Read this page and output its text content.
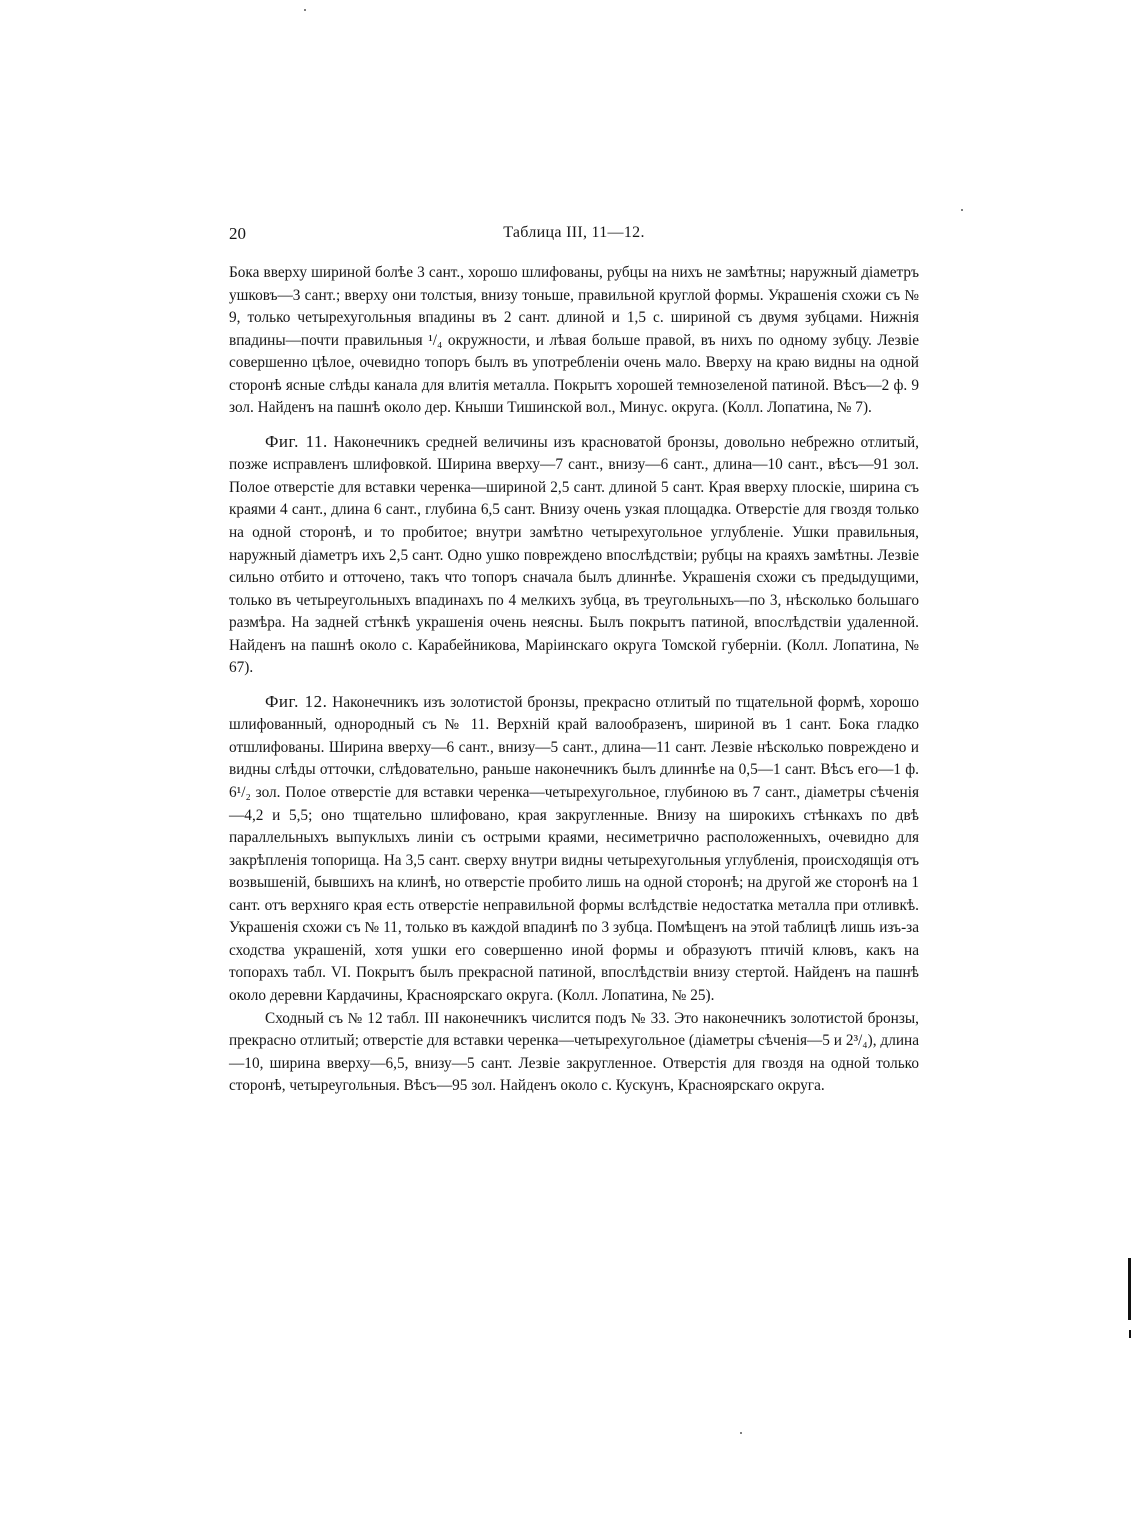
20	Таблица III, 11—12.

Бока вверху шириной болѣе 3 сант., хорошо шлифованы, рубцы на нихъ не замѣтны; наружный діаметръ ушковъ—3 сант.; вверху они толстыя, внизу тоньше, правильной круглой формы. Украшенія схожи съ № 9, только четырехугольныя впадины въ 2 сант. длиной и 1,5 с. шириной съ двумя зубцами. Нижнія впадины—почти правильныя ¹/₄ окружности, и лѣвая больше правой, въ нихъ по одному зубцу. Лезвіе совершенно цѣлое, очевидно топоръ былъ въ употребленіи очень мало. Вверху на краю видны на одной сторонѣ ясные слѣды канала для влитія металла. Покрытъ хорошей темнозеленой патиной. Вѣсъ—2 ф. 9 зол. Найденъ на пашнѣ около дер. Кныши Тишинской вол., Минус. округа. (Колл. Лопатина, № 7).

Фиг. 11. Наконечникъ средней величины изъ красноватой бронзы, довольно небрежно отлитый, позже исправленъ шлифовкой. Ширина вверху—7 сант., внизу—6 сант., длина—10 сант., вѣсъ—91 зол. Полое отверстіе для вставки черенка—шириной 2,5 сант. длиной 5 сант. Края вверху плоскіе, ширина съ краями 4 сант., длина 6 сант., глубина 6,5 сант. Внизу очень узкая площадка. Отверстіе для гвоздя только на одной сторонѣ, и то пробитое; внутри замѣтно четырехугольное углубленіе. Ушки правильныя, наружный діаметръ ихъ 2,5 сант. Одно ушко повреждено впослѣдствіи; рубцы на краяхъ замѣтны. Лезвіе сильно отбито и отточено, такъ что топоръ сначала былъ длиннѣе. Украшенія схожи съ предыдущими, только въ четыреугольныхъ впадинахъ по 4 мелкихъ зубца, въ треугольныхъ—по 3, нѣсколько большаго размѣра. На задней стѣнкѣ украшенія очень неясны. Былъ покрытъ патиной, впослѣдствіи удаленной. Найденъ на пашнѣ около с. Карабейникова, Маріинскаго округа Томской губерніи. (Колл. Лопатина, № 67).

Фиг. 12. Наконечникъ изъ золотистой бронзы, прекрасно отлитый по тщательной формѣ, хорошо шлифованный, однородный съ № 11. Верхній край валообразенъ, шириной въ 1 сант. Бока гладко отшлифованы. Ширина вверху—6 сант., внизу—5 сант., длина—11 сант. Лезвіе нѣсколько повреждено и видны слѣды отточки, слѣдовательно, раньше наконечникъ былъ длиннѣе на 0,5—1 сант. Вѣсъ его—1 ф. 6¹/₂ зол. Полое отверстіе для вставки черенка—четырехугольное, глубиною въ 7 сант., діаметры сѣченія—4,2 и 5,5; оно тщательно шлифовано, края закругленные. Внизу на широкихъ стѣнкахъ по двѣ параллельныхъ выпуклыхъ линіи съ острыми краями, несиметрично расположенныхъ, очевидно для закрѣпленія топорища. На 3,5 сант. сверху внутри видны четырехугольныя углубленія, происходящія отъ возвышеній, бывшихъ на клинѣ, но отверстіе пробито лишь на одной сторонѣ; на другой же сторонѣ на 1 сант. отъ верхняго края есть отверстіе неправильной формы вслѣдствіе недостатка металла при отливкѣ. Украшенія схожи съ № 11, только въ каждой впадинѣ по 3 зубца. Помѣщенъ на этой таблицѣ лишь изъ-за сходства украшеній, хотя ушки его совершенно иной формы и образуютъ птичій клювъ, какъ на топорахъ табл. VI. Покрытъ былъ прекрасной патиной, впослѣдствіи внизу стертой. Найденъ на пашнѣ около деревни Кардачины, Красноярскаго округа. (Колл. Лопатина, № 25).

Сходный съ № 12 табл. III наконечникъ числится подъ № 33. Это наконечникъ золотистой бронзы, прекрасно отлитый; отверстіе для вставки черенка—четырехугольное (діаметры сѣченія—5 и 2³/₄), длина—10, ширина вверху—6,5, внизу—5 сант. Лезвіе закругленное. Отверстія для гвоздя на одной только сторонѣ, четыреугольныя. Вѣсъ—95 зол. Найденъ около с. Кускунъ, Красноярскаго округа.
